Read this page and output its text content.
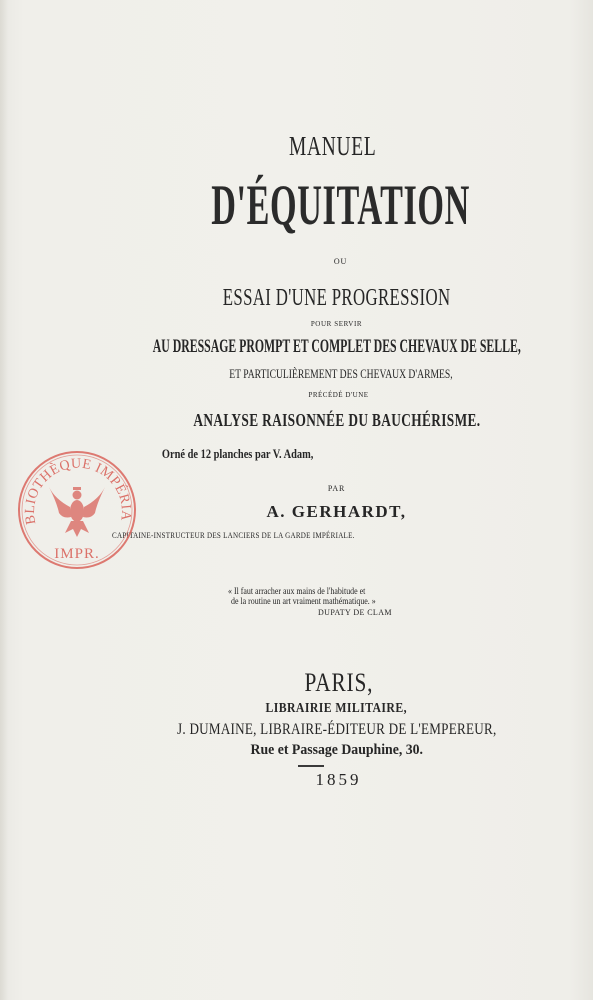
MANUEL
D'ÉQUITATION
OU
ESSAI D'UNE PROGRESSION
POUR SERVIR
AU DRESSAGE PROMPT ET COMPLET DES CHEVAUX DE SELLE,
ET PARTICULIÈREMENT DES CHEVAUX D'ARMES,
PRÉCÉDÉ D'UNE
ANALYSE RAISONNÉE DU BAUCHÉRISME.
Orné de 12 planches par V. Adam,
PAR
A. GERHARDT,
CAPITAINE-INSTRUCTEUR DES LANCIERS DE LA GARDE IMPÉRIALE.
« Il faut arracher aux mains de l'habitude et
de la routine un art vraiment mathématique. »
DUPATY DE CLAM
PARIS,
LIBRAIRIE MILITAIRE,
J. DUMAINE, LIBRAIRE-ÉDITEUR DE L'EMPEREUR,
Rue et Passage Dauphine, 30.
1859
BLIOTHÈQUE IMPÉRIA
IMPR.
